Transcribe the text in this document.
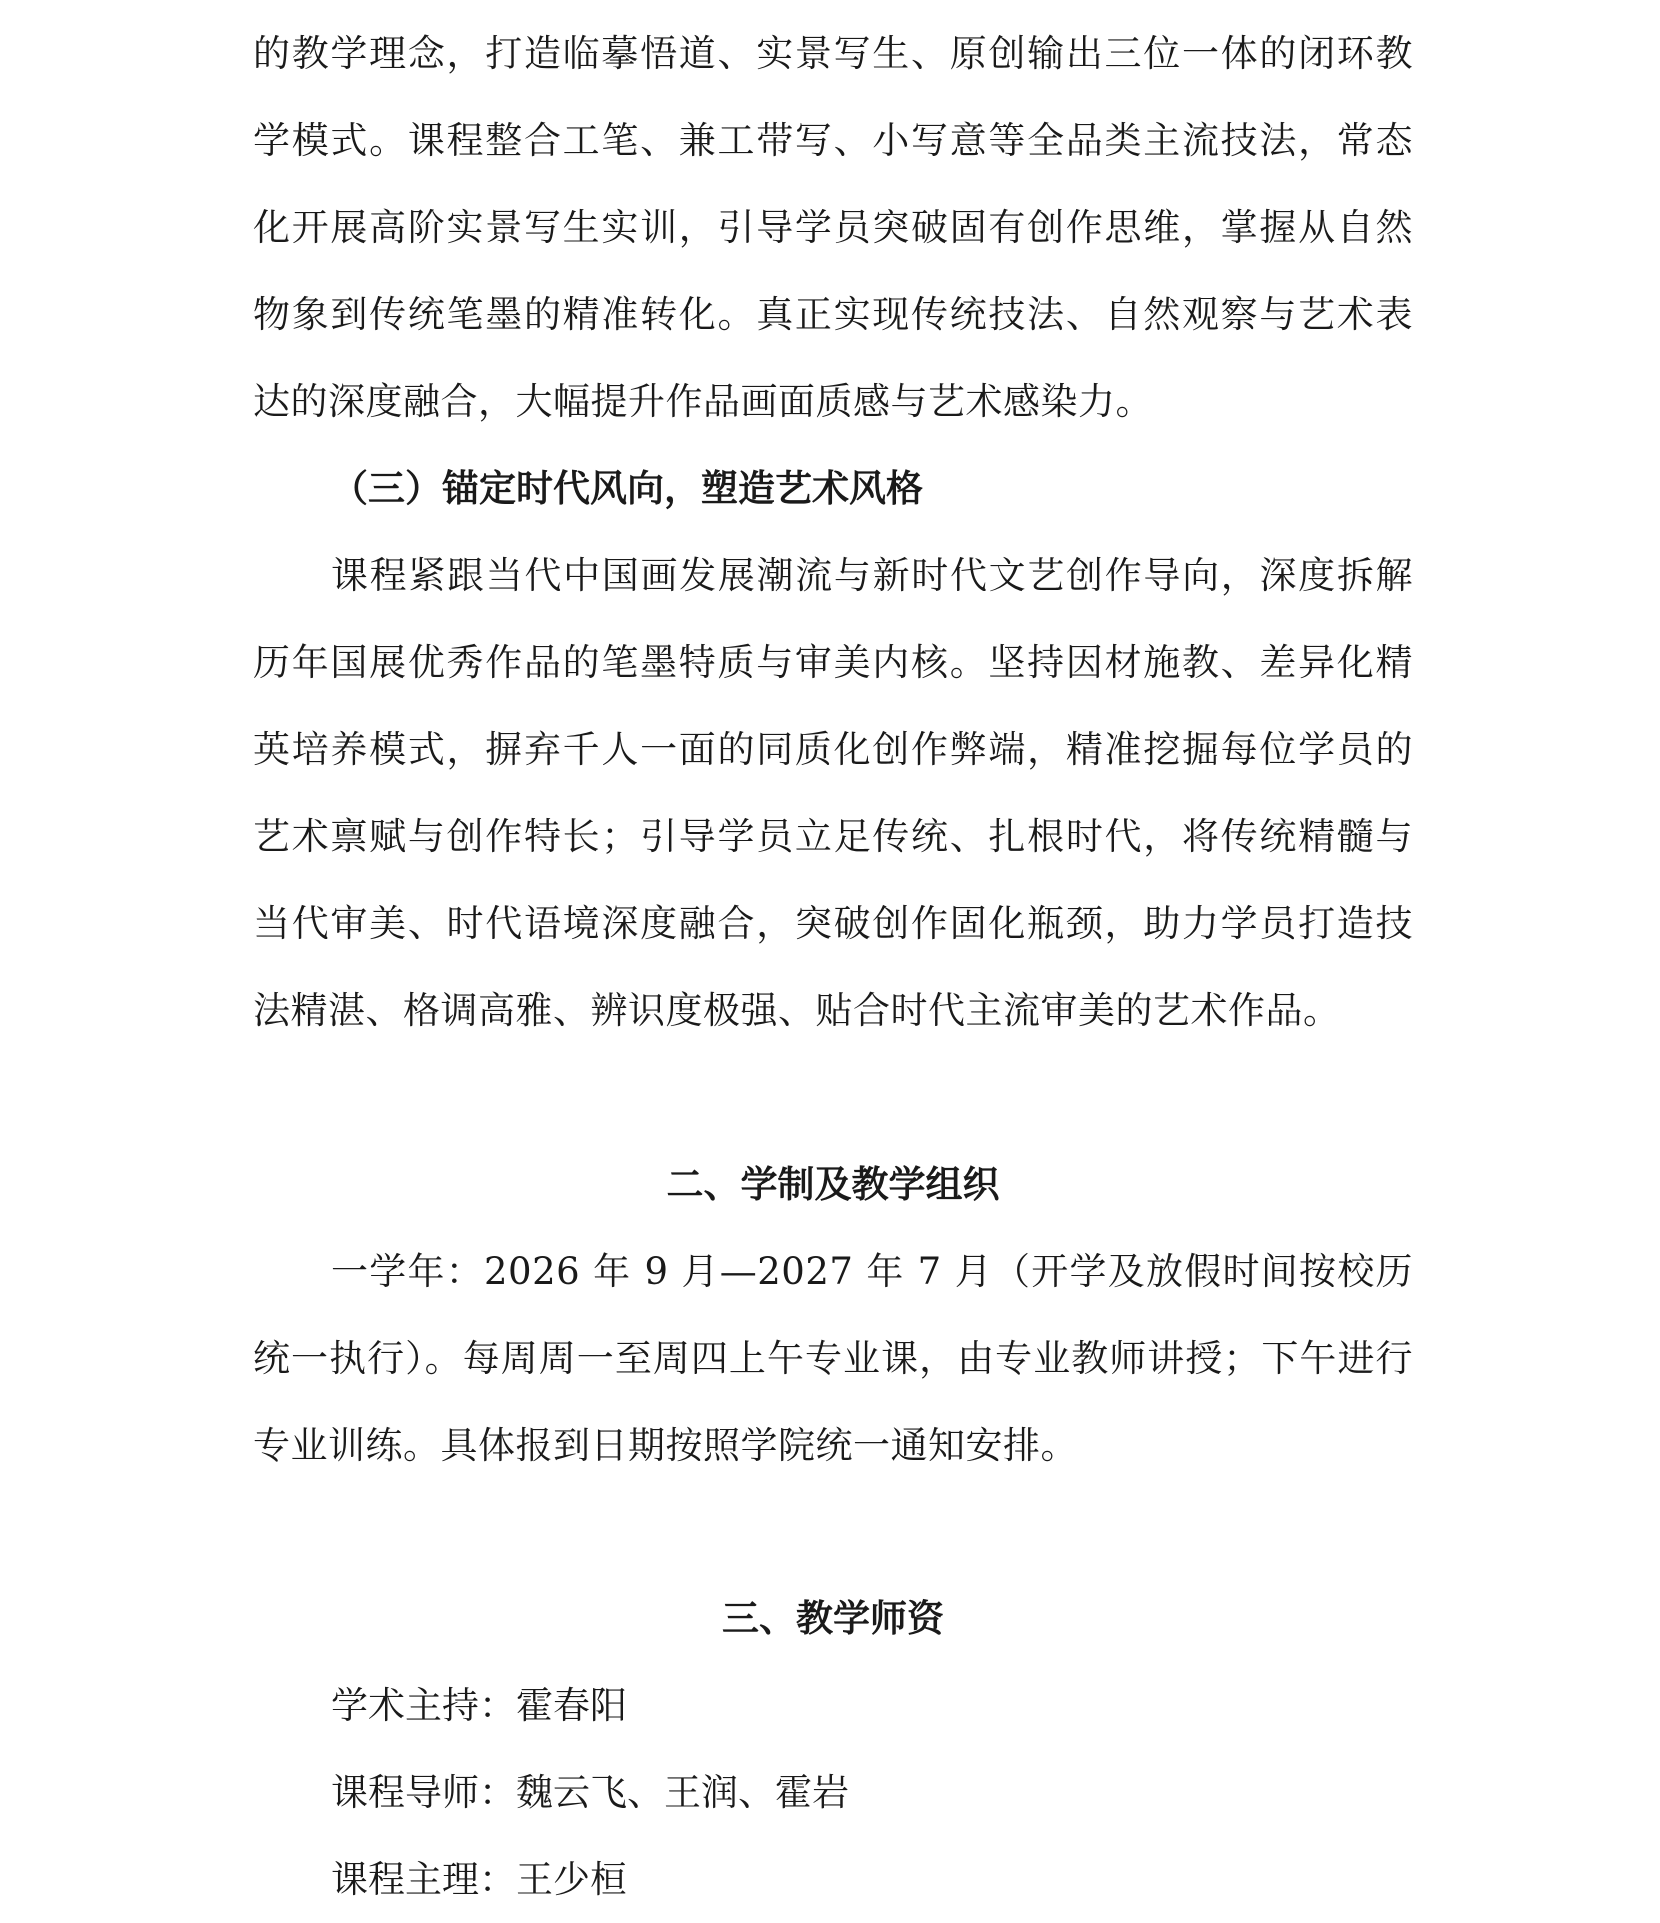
的教学理念，打造临摹悟道、实景写生、原创输出三位一体的闭环教学模式。课程整合工笔、兼工带写、小写意等全品类主流技法，常态化开展高阶实景写生实训，引导学员突破固有创作思维，掌握从自然物象到传统笔墨的精准转化。真正实现传统技法、自然观察与艺术表达的深度融合，大幅提升作品画面质感与艺术感染力。

（三）锚定时代风向，塑造艺术风格

课程紧跟当代中国画发展潮流与新时代文艺创作导向，深度拆解历年国展优秀作品的笔墨特质与审美内核。坚持因材施教、差异化精英培养模式，摒弃千人一面的同质化创作弊端，精准挖掘每位学员的艺术禀赋与创作特长；引导学员立足传统、扎根时代，将传统精髓与当代审美、时代语境深度融合，突破创作固化瓶颈，助力学员打造技法精湛、格调高雅、辨识度极强、贴合时代主流审美的艺术作品。

二、学制及教学组织

一学年：2026 年 9 月—2027 年 7 月（开学及放假时间按校历统一执行）。每周周一至周四上午专业课，由专业教师讲授；下午进行专业训练。具体报到日期按照学院统一通知安排。

三、教学师资

学术主持：霍春阳

课程导师：魏云飞、王润、霍岩

课程主理：王少桓
